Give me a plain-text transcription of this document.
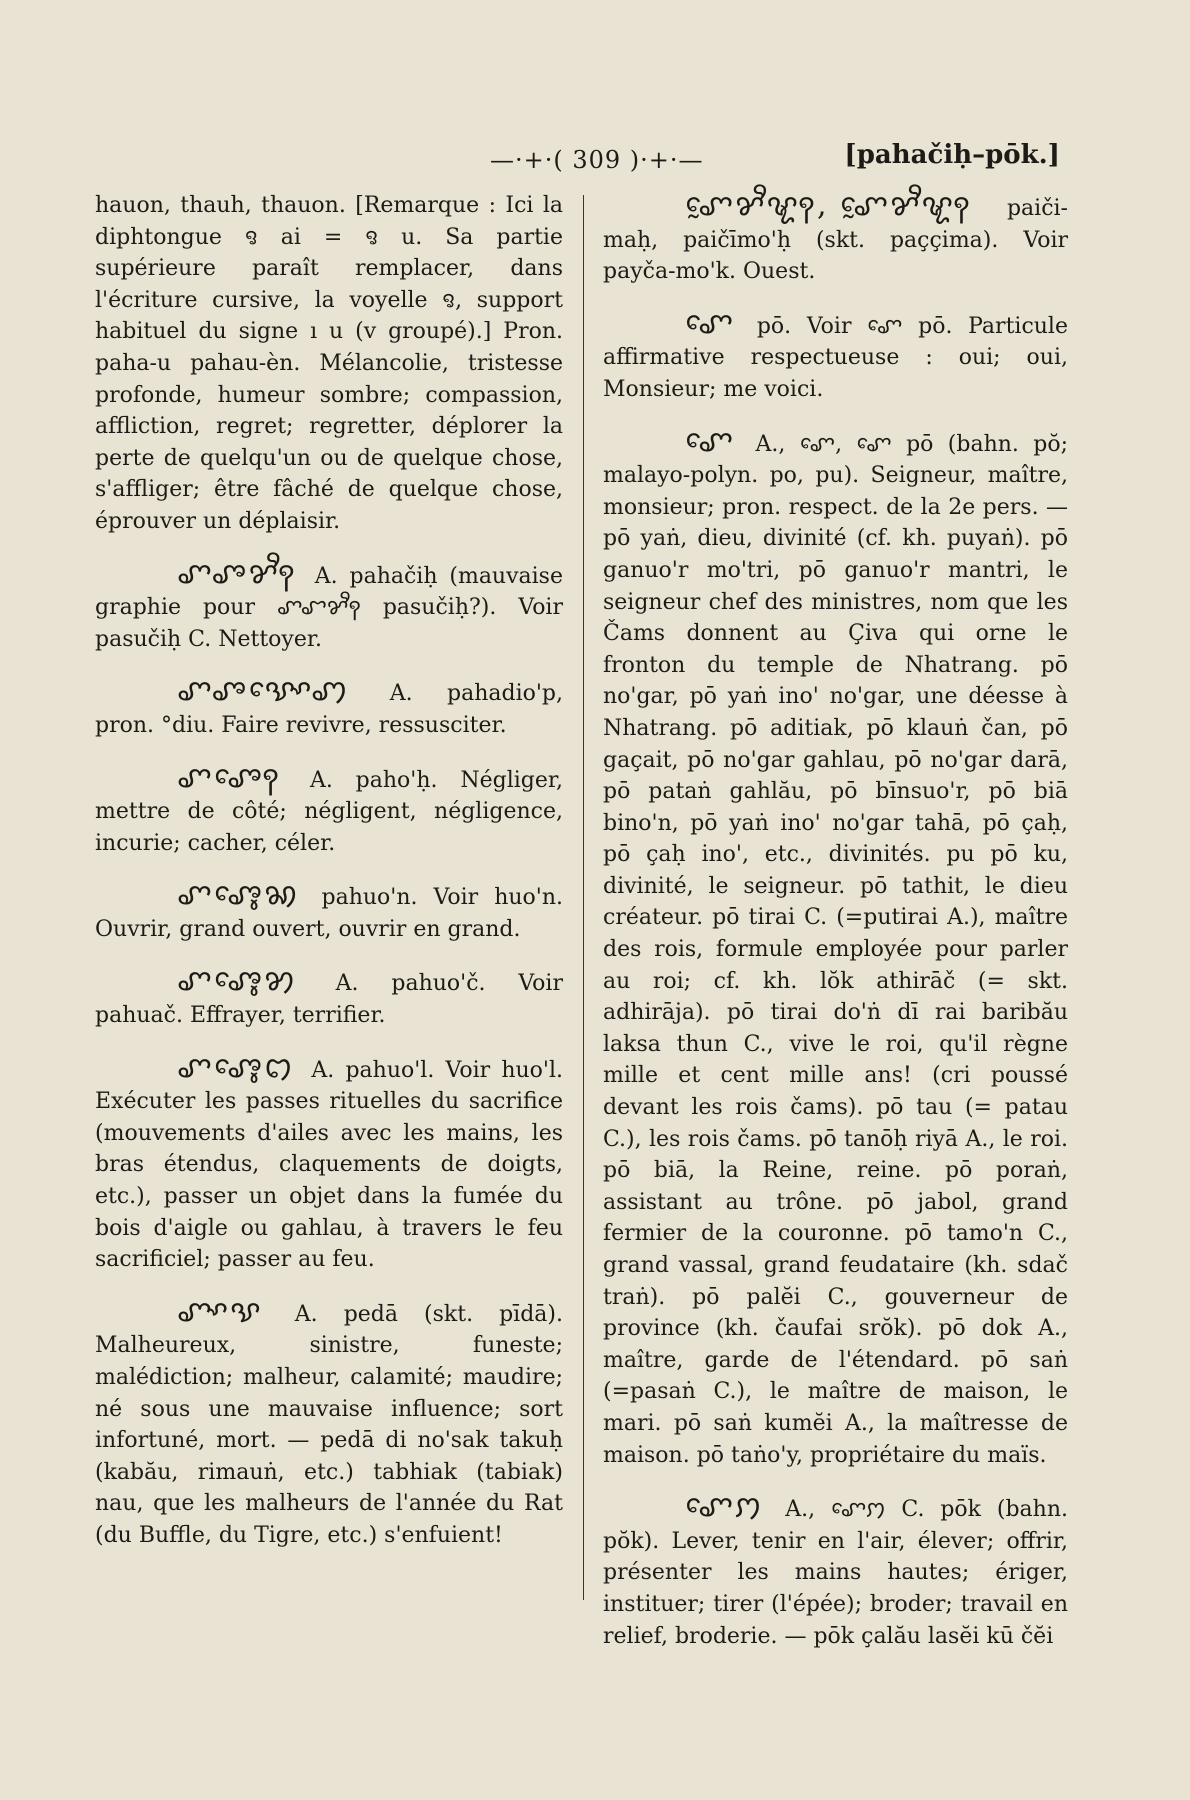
—·+·( 309 )·+·—	[pahačiḥ–pōk.]

hauon, thauh, thauon. [Remarque : Ici la diphtongue ꨅ ai = ꨅ u. Sa partie supérieure paraît remplacer, dans l'écriture cursive, la voyelle ꨅ, support habituel du signe ı u (v groupé).] Pron. paha-u pahau-èn. Mélancolie, tristesse profonde, humeur sombre; compassion, affliction, regret; regretter, déplorer la perte de quelqu'un ou de quelque chose, s'affliger; être fâché de quelque chose, éprouver un déplaisir.

ꨚꨨꨌꨪꩍ A. pahačiḥ (mauvaise graphie pour ꨚꨧꨌꨪꩍ pasučiḥ?). Voir pasučiḥ C. Nettoyer.

ꨚꨨꨕꨳꨯꩇ A. pahadio'p, pron. °diu. Faire revivre, ressusciter.

ꨚꨨꨯꩍ A. paho'ḥ. Négliger, mettre de côté; négligent, négligence, incurie; cacher, céler.

ꨚꨨꨶꨯꩆ pahuo'n. Voir huo'n. Ouvrir, grand ouvert, ouvrir en grand.

ꨚꨨꨶꨯꩄ A. pahuo'č. Voir pahuač. Effrayer, terrifier.

ꨚꨨꨶꨯꩊ A. pahuo'l. Voir huo'l. Exécuter les passes rituelles du sacrifice (mouvements d'ailes avec les mains, les bras étendus, claquements de doigts, etc.), passer un objet dans la fumée du bois d'aigle ou gahlau, à travers le feu sacrificiel; passer au feu.

ꨚꨳꨕ A. pedā (skt. pīdā). Malheureux, sinistre, funeste; malédiction; malheur, calamité; maudire; né sous une mauvaise influence; sort infortuné, mort. — pedā di no'sak takuḥ (kabău, rimauṅ, etc.) tabhiak (tabiak) nau, que les malheurs de l'année du Rat (du Buffle, du Tigre, etc.) s'enfuient!

ꨚꨰꨌꨪꨠꩍ, ꨚꨰꨌꨪꨠꩍ paiči-maḥ, paičīmo'ḥ (skt. paççima). Voir payča-mo'k. Ouest.

ꨚꨯ pō. Voir ꨚꨯ pō. Particule affirmative respectueuse : oui; oui, Monsieur; me voici.

ꨚꨯ A., ꨚꨯ, ꨚꨯ pō (bahn. pŏ; malayo-polyn. po, pu). Seigneur, maître, monsieur; pron. respect. de la 2e pers. — pō yaṅ, dieu, divinité (cf. kh. puyaṅ). pō ganuo'r mo'tri, pō ganuo'r mantri, le seigneur chef des ministres, nom que les Čams donnent au Çiva qui orne le fronton du temple de Nhatrang. pō no'gar, pō yaṅ ino' no'gar, une déesse à Nhatrang. pō aditiak, pō klauṅ čan, pō gaçait, pō no'gar gahlau, pō no'gar darā, pō pataṅ gahlău, pō bīnsuo'r, pō biā bino'n, pō yaṅ ino' no'gar tahā, pō çaḥ, pō çaḥ ino', etc., divinités. pu pō ku, divinité, le seigneur. pō tathit, le dieu créateur. pō tirai C. (=putirai A.), maître des rois, formule employée pour parler au roi; cf. kh. lŏk athirāč (= skt. adhirāja). pō tirai do'ṅ dī rai baribău laksa thun C., vive le roi, qu'il règne mille et cent mille ans! (cri poussé devant les rois čams). pō tau (= patau C.), les rois čams. pō tanōḥ riyā A., le roi. pō biā, la Reine, reine. pō poraṅ, assistant au trône. pō jabol, grand fermier de la couronne. pō tamo'n C., grand vassal, grand feudataire (kh. sdač traṅ). pō palĕi C., gouverneur de province (kh. čaufai srŏk). pō dok A., maître, garde de l'étendard. pō saṅ (=pasaṅ C.), le maître de maison, le mari. pō saṅ kumĕi A., la maîtresse de maison. pō taṅo'y, propriétaire du maïs.

ꨚꨯꩀ A., ꨚꨯꩀ C. pōk (bahn. pŏk). Lever, tenir en l'air, élever; offrir, présenter les mains hautes; ériger, instituer; tirer (l'épée); broder; travail en relief, broderie. — pōk çalău lasĕi kū čĕi
